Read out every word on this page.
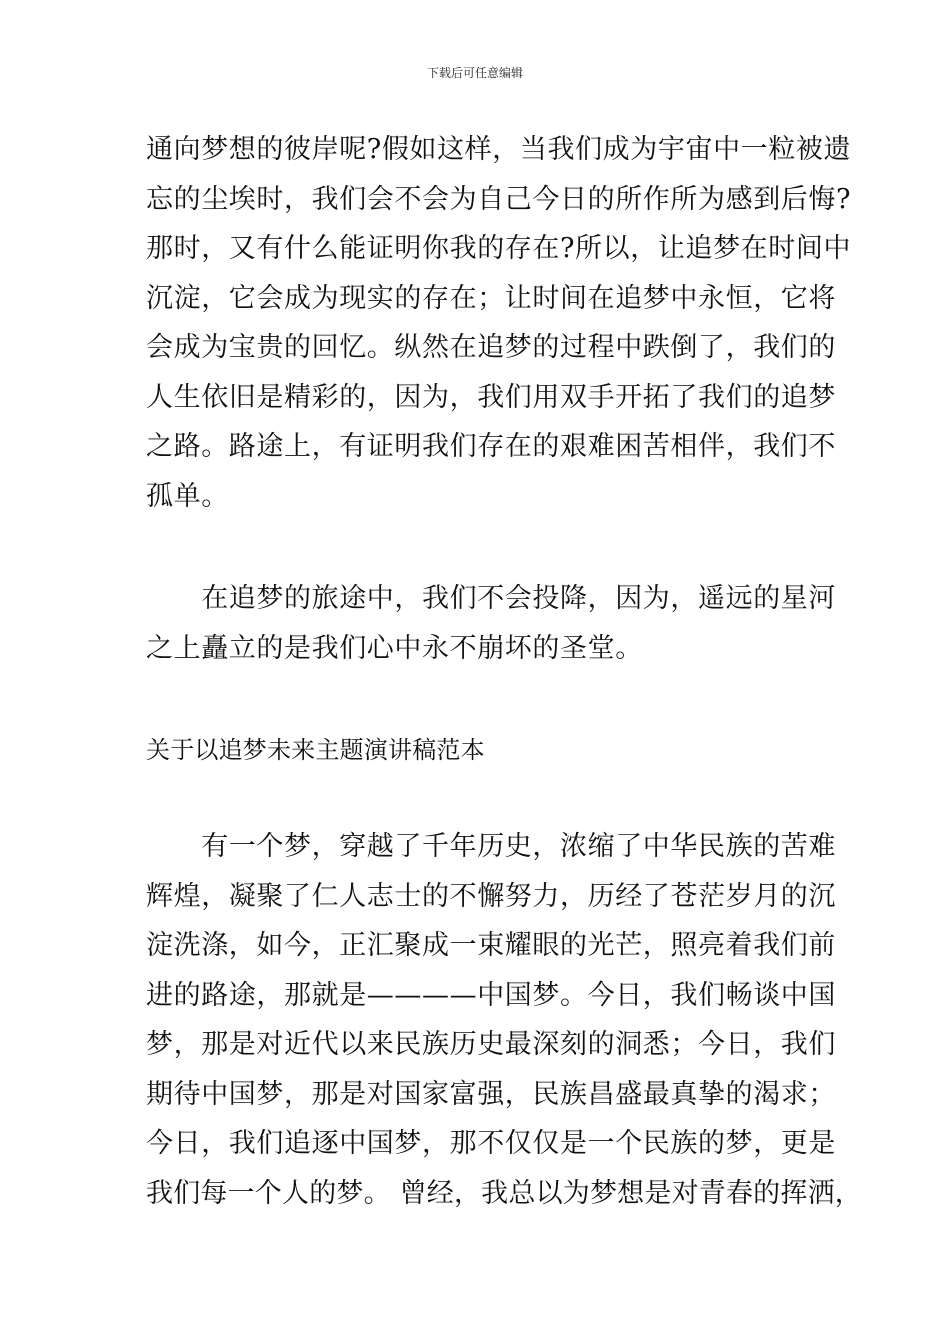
下载后可任意编辑
通向梦想的彼岸呢?假如这样，当我们成为宇宙中一粒被遗
忘的尘埃时，我们会不会为自己今日的所作所为感到后悔?
那时，又有什么能证明你我的存在?所以，让追梦在时间中
沉淀，它会成为现实的存在；让时间在追梦中永恒，它将
会成为宝贵的回忆。纵然在追梦的过程中跌倒了，我们的
人生依旧是精彩的，因为，我们用双手开拓了我们的追梦
之路。路途上，有证明我们存在的艰难困苦相伴，我们不
孤单。
　　在追梦的旅途中，我们不会投降，因为，遥远的星河
之上矗立的是我们心中永不崩坏的圣堂。
关于以追梦未来主题演讲稿范本
　　有一个梦，穿越了千年历史，浓缩了中华民族的苦难
辉煌，凝聚了仁人志士的不懈努力，历经了苍茫岁月的沉
淀洗涤，如今，正汇聚成一束耀眼的光芒，照亮着我们前
进的路途，那就是————中国梦。今日，我们畅谈中国
梦，那是对近代以来民族历史最深刻的洞悉；今日，我们
期待中国梦，那是对国家富强，民族昌盛最真挚的渴求；
今日，我们追逐中国梦，那不仅仅是一个民族的梦，更是
我们每一个人的梦。 曾经，我总以为梦想是对青春的挥洒，
